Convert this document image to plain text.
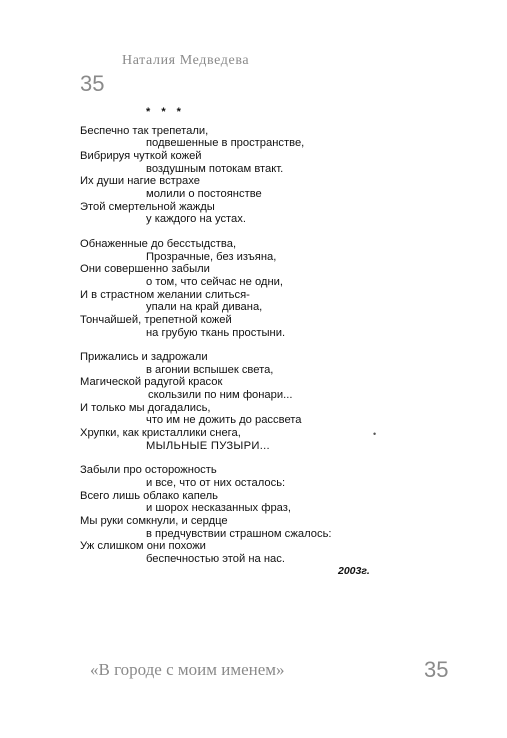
Наталия Медведева
35
* * *
Беспечно так трепетали,
подвешенные в пространстве,
Вибрируя чуткой кожей
воздушным потокам втакт.
Их души нагие встрахе
молили о постоянстве
Этой смертельной жажды
у каждого на устах.
Обнаженные до бесстыдства,
Прозрачные, без изъяна,
Они совершенно забыли
о том, что сейчас не одни,
И в страстном желании слиться-
упали на край дивана,
Тончайшей, трепетной кожей
на грубую ткань простыни.
Прижались и задрожали
в агонии вспышек света,
Магической радугой красок
скользили по ним фонари...
И только мы догадались,
что им не дожить до рассвета
Хрупки, как кристаллики снега,
МЫЛЬНЫЕ ПУЗЫРИ...
Забыли про осторожность
и все, что от них осталось:
Всего лишь облако капель
и шорох несказанных фраз,
Мы руки сомкнули, и сердце
в предчувствии страшном сжалось:
Уж слишком они похожи
беспечностью этой на нас.
•
2003г.
«В городе с моим именем»	35
